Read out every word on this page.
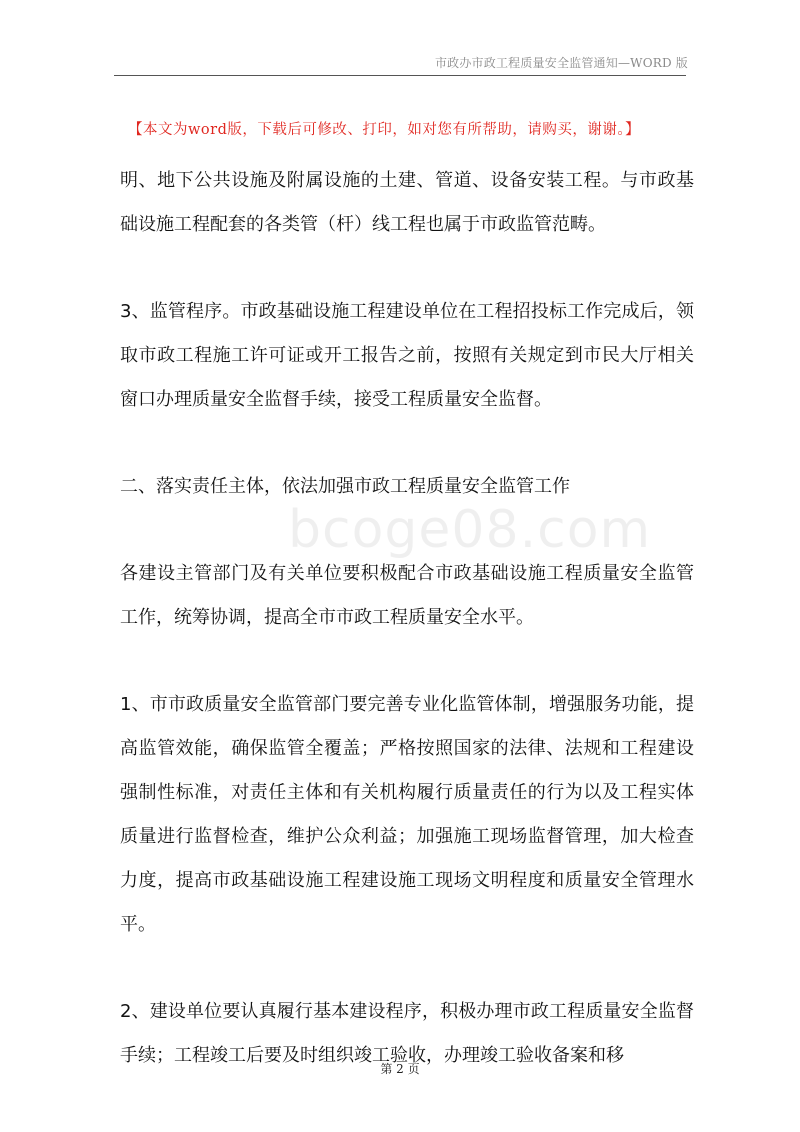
市政办市政工程质量安全监管通知—WORD 版
【本文为word版，下载后可修改、打印，如对您有所帮助，请购买，谢谢。】
bcoge08.com

明、地下公共设施及附属设施的土建、管道、设备安装工程。与市政基础设施工程配套的各类管（杆）线工程也属于市政监管范畴。

3、监管程序。市政基础设施工程建设单位在工程招投标工作完成后，领取市政工程施工许可证或开工报告之前，按照有关规定到市民大厅相关窗口办理质量安全监督手续，接受工程质量安全监督。

二、落实责任主体，依法加强市政工程质量安全监管工作

各建设主管部门及有关单位要积极配合市政基础设施工程质量安全监管工作，统筹协调，提高全市市政工程质量安全水平。

1、市市政质量安全监管部门要完善专业化监管体制，增强服务功能，提高监管效能，确保监管全覆盖；严格按照国家的法律、法规和工程建设强制性标准，对责任主体和有关机构履行质量责任的行为以及工程实体质量进行监督检查，维护公众利益；加强施工现场监督管理，加大检查力度，提高市政基础设施工程建设施工现场文明程度和质量安全管理水平。

2、建设单位要认真履行基本建设程序，积极办理市政工程质量安全监督手续；工程竣工后要及时组织竣工验收，办理竣工验收备案和移

第 2 页
